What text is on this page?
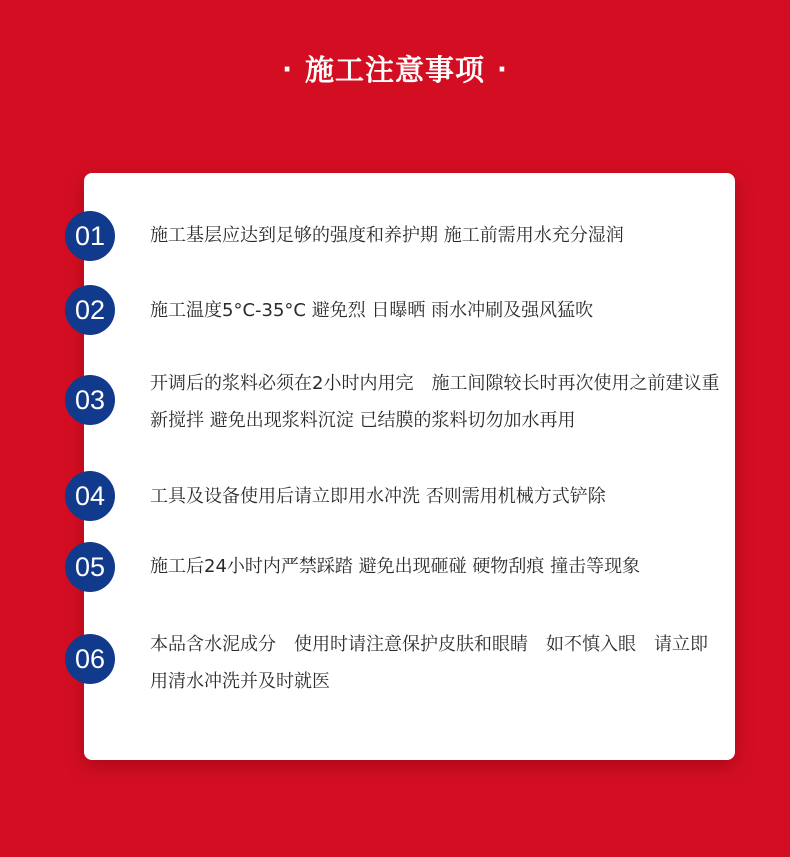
· 施工注意事项 ·
01	施工基层应达到足够的强度和养护期 施工前需用水充分湿润
02	施工温度5°C-35°C 避免烈 日曝晒 雨水冲刷及强风猛吹
03
开调后的浆料必须在2小时内用完　施工间隙较长时再次使用之前建议重新搅拌 避免出现浆料沉淀 已结膜的浆料切勿加水再用
04	工具及设备使用后请立即用水冲洗 否则需用机械方式铲除
05	施工后24小时内严禁踩踏 避免出现砸碰 硬物刮痕 撞击等现象
06	本品含水泥成分　使用时请注意保护皮肤和眼睛　如不慎入眼　请立即用清水冲洗并及时就医
